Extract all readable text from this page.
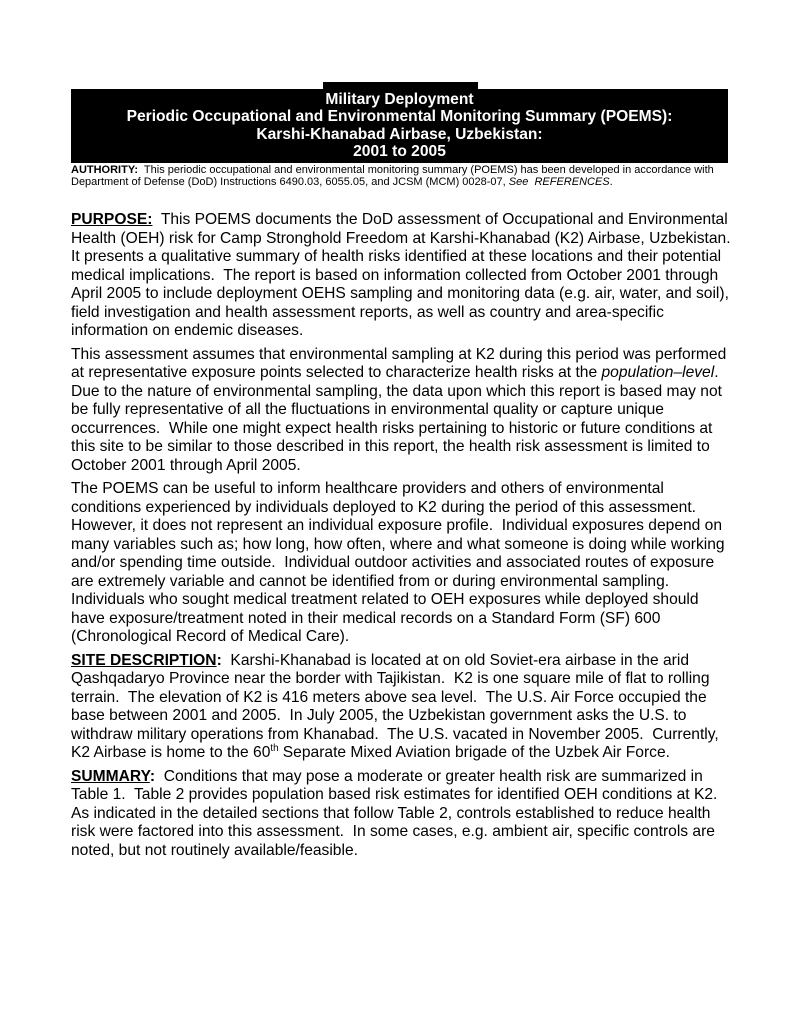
Military Deployment
Periodic Occupational and Environmental Monitoring Summary (POEMS):
Karshi-Khanabad Airbase, Uzbekistan:
2001 to 2005

AUTHORITY:  This periodic occupational and environmental monitoring summary (POEMS) has been developed in accordance with Department of Defense (DoD) Instructions 6490.03, 6055.05, and JCSM (MCM) 0028-07, See  REFERENCES.

PURPOSE:  This POEMS documents the DoD assessment of Occupational and Environmental Health (OEH) risk for Camp Stronghold Freedom at Karshi-Khanabad (K2) Airbase, Uzbekistan.  It presents a qualitative summary of health risks identified at these locations and their potential medical implications.  The report is based on information collected from October 2001 through April 2005 to include deployment OEHS sampling and monitoring data (e.g. air, water, and soil), field investigation and health assessment reports, as well as country and area-specific information on endemic diseases.

This assessment assumes that environmental sampling at K2 during this period was performed at representative exposure points selected to characterize health risks at the population–level.  Due to the nature of environmental sampling, the data upon which this report is based may not be fully representative of all the fluctuations in environmental quality or capture unique occurrences.  While one might expect health risks pertaining to historic or future conditions at this site to be similar to those described in this report, the health risk assessment is limited to October 2001 through April 2005.

The POEMS can be useful to inform healthcare providers and others of environmental conditions experienced by individuals deployed to K2 during the period of this assessment.  However, it does not represent an individual exposure profile.  Individual exposures depend on many variables such as; how long, how often, where and what someone is doing while working and/or spending time outside.  Individual outdoor activities and associated routes of exposure are extremely variable and cannot be identified from or during environmental sampling.  Individuals who sought medical treatment related to OEH exposures while deployed should have exposure/treatment noted in their medical records on a Standard Form (SF) 600 (Chronological Record of Medical Care).

SITE DESCRIPTION:  Karshi-Khanabad is located at on old Soviet-era airbase in the arid Qashqadaryo Province near the border with Tajikistan.  K2 is one square mile of flat to rolling terrain.  The elevation of K2 is 416 meters above sea level.  The U.S. Air Force occupied the base between 2001 and 2005.  In July 2005, the Uzbekistan government asks the U.S. to withdraw military operations from Khanabad.  The U.S. vacated in November 2005.  Currently, K2 Airbase is home to the 60th Separate Mixed Aviation brigade of the Uzbek Air Force.

SUMMARY:  Conditions that may pose a moderate or greater health risk are summarized in Table 1.  Table 2 provides population based risk estimates for identified OEH conditions at K2.  As indicated in the detailed sections that follow Table 2, controls established to reduce health risk were factored into this assessment.  In some cases, e.g. ambient air, specific controls are noted, but not routinely available/feasible.
